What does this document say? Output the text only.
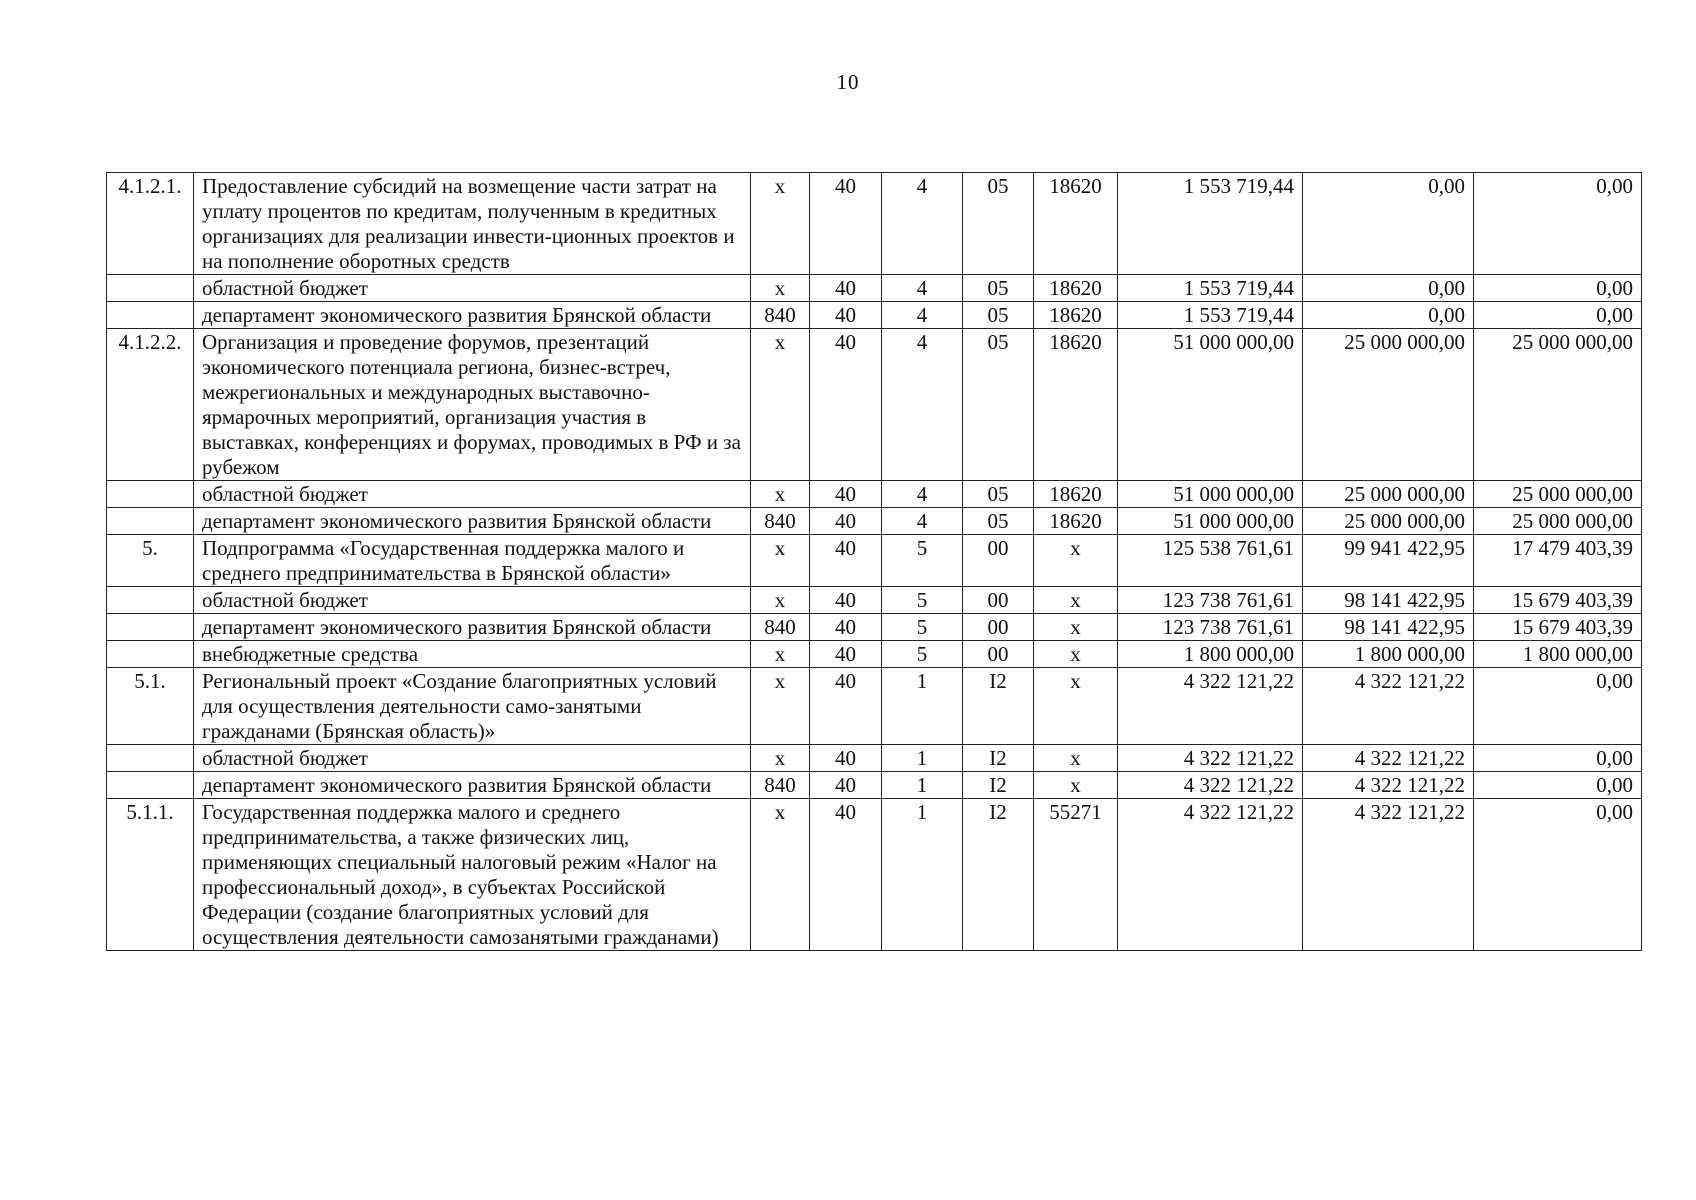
10
4.1.2.1.	Предоставление субсидий на возмещение части затрат на уплату процентов по кредитам, полученным в кредитных организациях для реализации инвести-ционных проектов и на пополнение оборотных средств	x	40	4	05	18620	1 553 719,44	0,00	0,00
	областной бюджет	x	40	4	05	18620	1 553 719,44	0,00	0,00
	департамент экономического развития Брянской области	840	40	4	05	18620	1 553 719,44	0,00	0,00
4.1.2.2.	Организация и проведение форумов, презентаций экономического потенциала региона, бизнес-встреч, межрегиональных и международных выставочно-ярмарочных мероприятий, организация участия в выставках, конференциях и форумах, проводимых в РФ и за рубежом	x	40	4	05	18620	51 000 000,00	25 000 000,00	25 000 000,00
	областной бюджет	x	40	4	05	18620	51 000 000,00	25 000 000,00	25 000 000,00
	департамент экономического развития Брянской области	840	40	4	05	18620	51 000 000,00	25 000 000,00	25 000 000,00
5.	Подпрограмма «Государственная поддержка малого и среднего предпринимательства в Брянской области»	x	40	5	00	x	125 538 761,61	99 941 422,95	17 479 403,39
	областной бюджет	x	40	5	00	x	123 738 761,61	98 141 422,95	15 679 403,39
	департамент экономического развития Брянской области	840	40	5	00	x	123 738 761,61	98 141 422,95	15 679 403,39
	внебюджетные средства	x	40	5	00	x	1 800 000,00	1 800 000,00	1 800 000,00
5.1.	Региональный проект «Создание благоприятных условий для осуществления деятельности само-занятыми гражданами (Брянская область)»	x	40	1	I2	x	4 322 121,22	4 322 121,22	0,00
	областной бюджет	x	40	1	I2	x	4 322 121,22	4 322 121,22	0,00
	департамент экономического развития Брянской области	840	40	1	I2	x	4 322 121,22	4 322 121,22	0,00
5.1.1.	Государственная поддержка малого и среднего предпринимательства, а также физических лиц, применяющих специальный налоговый режим «Налог на профессиональный доход», в субъектах Российской Федерации (создание благоприятных условий для осуществления деятельности самозанятыми гражданами)	x	40	1	I2	55271	4 322 121,22	4 322 121,22	0,00
